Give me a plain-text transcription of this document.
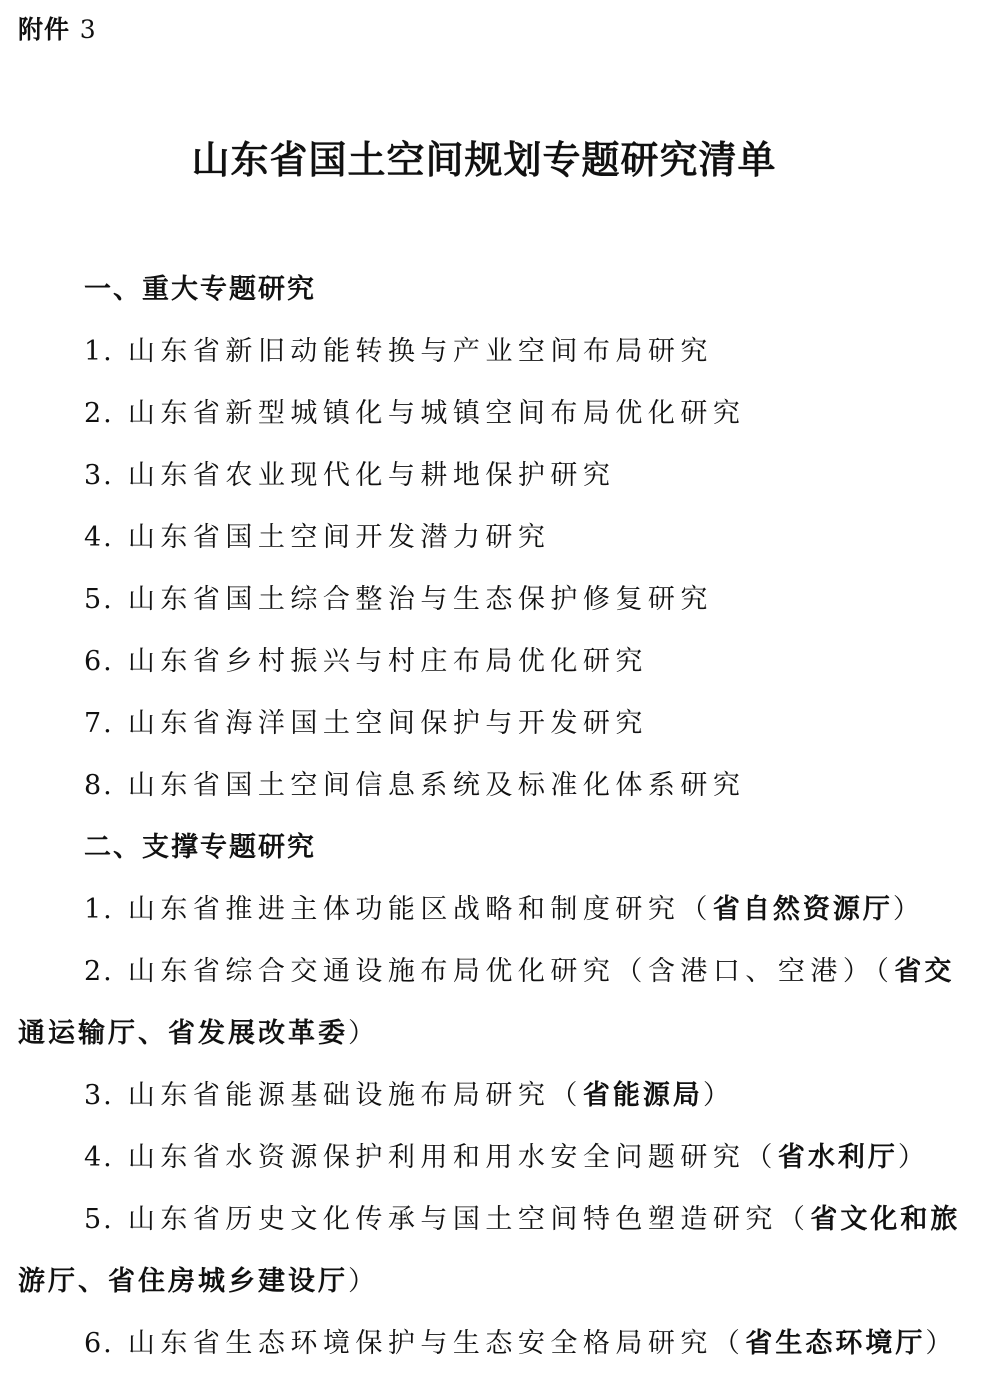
附件 3
山东省国土空间规划专题研究清单
一、重大专题研究
1. 山东省新旧动能转换与产业空间布局研究
2. 山东省新型城镇化与城镇空间布局优化研究
3. 山东省农业现代化与耕地保护研究
4. 山东省国土空间开发潜力研究
5. 山东省国土综合整治与生态保护修复研究
6. 山东省乡村振兴与村庄布局优化研究
7. 山东省海洋国土空间保护与开发研究
8. 山东省国土空间信息系统及标准化体系研究
二、支撑专题研究
1. 山东省推进主体功能区战略和制度研究（省自然资源厅）
2. 山东省综合交通设施布局优化研究（含港口、空港）（省交通运输厅、省发展改革委）
3. 山东省能源基础设施布局研究（省能源局）
4. 山东省水资源保护利用和用水安全问题研究（省水利厅）
5. 山东省历史文化传承与国土空间特色塑造研究（省文化和旅游厅、省住房城乡建设厅）
6. 山东省生态环境保护与生态安全格局研究（省生态环境厅）
